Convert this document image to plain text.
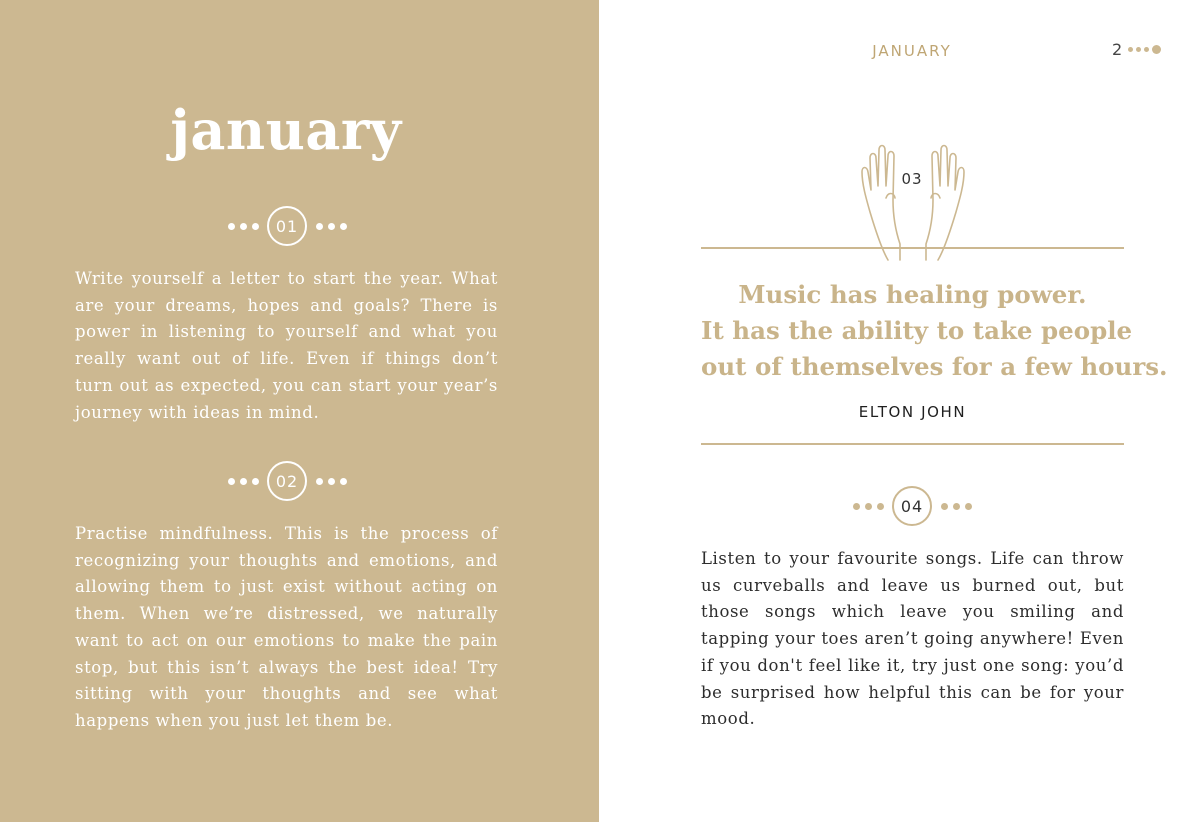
january
01

Write yourself a letter to start the year. What are your dreams, hopes and goals? There is power in listening to yourself and what you really want out of life. Even if things don’t turn out as expected, you can start your year’s journey with ideas in mind.

02

Practise mindfulness. This is the process of recognizing your thoughts and emotions, and allowing them to just exist without acting on them. When we’re distressed, we naturally want to act on our emotions to make the pain stop, but this isn’t always the best idea! Try sitting with your thoughts and see what happens when you just let them be.

JANUARY	2
03
Music has healing power.
It has the ability to take people
out of themselves for a few hours.
ELTON JOHN
04

Listen to your favourite songs. Life can throw us curveballs and leave us burned out, but those songs which leave you smiling and tapping your toes aren’t going anywhere! Even if you don't feel like it, try just one song: you’d be surprised how helpful this can be for your mood.
